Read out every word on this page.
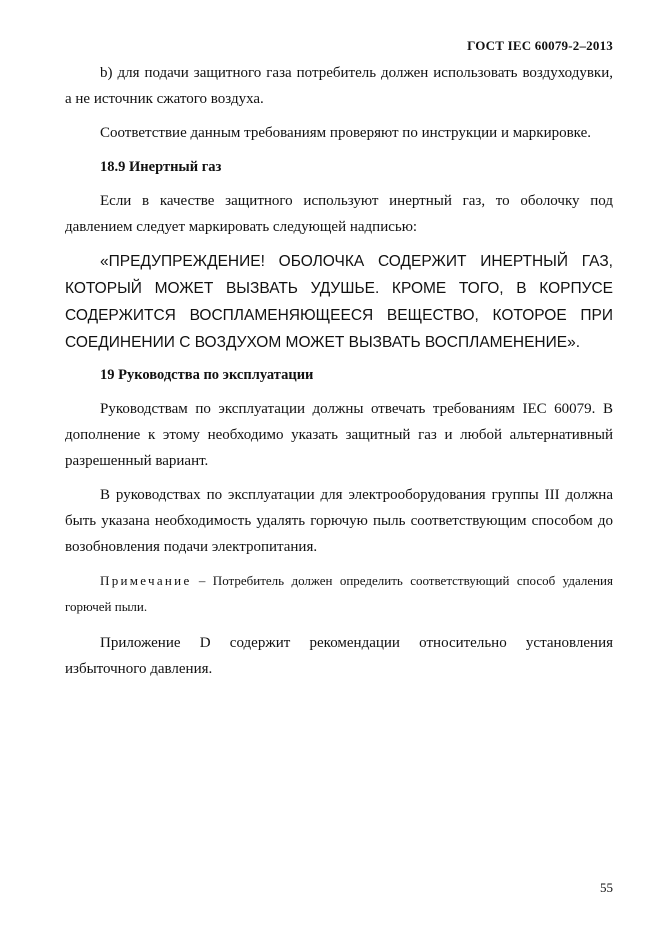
ГОСТ IEC 60079-2–2013

b) для подачи защитного газа потребитель должен использовать воздуходувки, а не источник сжатого воздуха.

Соответствие данным требованиям проверяют по инструкции и маркировке.

18.9 Инертный газ

Если в качестве защитного используют инертный газ, то оболочку под давлением следует маркировать следующей надписью:

«ПРЕДУПРЕЖДЕНИЕ! ОБОЛОЧКА СОДЕРЖИТ ИНЕРТНЫЙ ГАЗ, КОТОРЫЙ МОЖЕТ ВЫЗВАТЬ УДУШЬЕ. КРОМЕ ТОГО, В КОРПУСЕ СОДЕРЖИТСЯ ВОСПЛАМЕНЯЮЩЕЕСЯ ВЕЩЕСТВО, КОТОРОЕ ПРИ СОЕДИНЕНИИ С ВОЗДУХОМ МОЖЕТ ВЫЗВАТЬ ВОСПЛАМЕНЕНИЕ».

19 Руководства по эксплуатации

Руководствам по эксплуатации должны отвечать требованиям IEC 60079. В дополнение к этому необходимо указать защитный газ и любой альтернативный разрешенный вариант.

В руководствах по эксплуатации для электрооборудования группы III должна быть указана необходимость удалять горючую пыль соответствующим способом до возобновления подачи электропитания.

Примечание – Потребитель должен определить соответствующий способ удаления горючей пыли.

Приложение D содержит рекомендации относительно установления избыточного давления.

55
